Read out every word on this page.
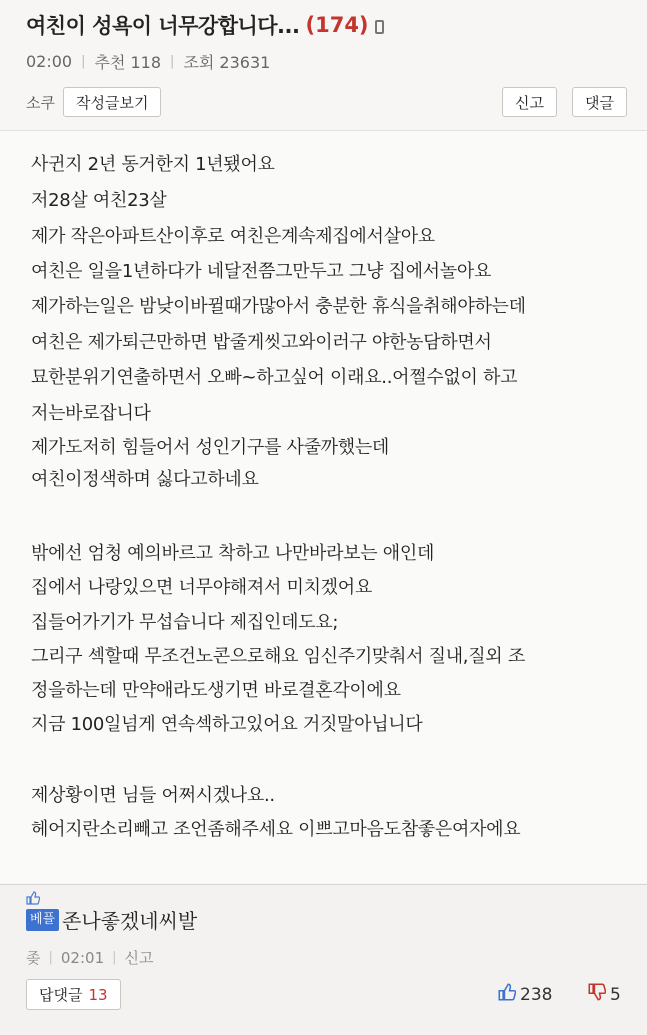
여친이 성욕이 너무강합니다... (174)
02:00 | 추천 118 | 조회 23631
소쿠	작성글보기	신고	댓글
사귄지 2년 동거한지 1년됐어요
저28살 여친23살
제가 작은아파트산이후로 여친은계속제집에서살아요
여친은 일을1년하다가 네달전쯤그만두고 그냥 집에서놀아요
제가하는일은 밤낮이바뀔때가많아서 충분한 휴식을취해야하는데
여친은 제가퇴근만하면 밥줄게씻고와이러구 야한농담하면서
묘한분위기연출하면서 오빠~하고싶어 이래요..어쩔수없이 하고
저는바로잡니다
제가도저히 힘들어서 성인기구를 사줄까했는데
여친이정색하며 싫다고하네요
밖에선 엄청 예의바르고 착하고 나만바라보는 애인데
집에서 나랑있으면 너무야해져서 미치겠어요
집들어가기가 무섭습니다 제집인데도요;
그리구 섹할때 무조건노콘으로해요 임신주기맞춰서 질내,질외 조
정을하는데 만약애라도생기면 바로결혼각이에요
지금 100일넘게 연속섹하고있어요 거짓말아닙니다
제상황이면 님들 어쩌시겠나요..
헤어지란소리빼고 조언좀해주세요 이쁘고마음도참좋은여자에요
베플 존나좋겠네씨발
좆 | 02:01 | 신고
답댓글 13	238	5
